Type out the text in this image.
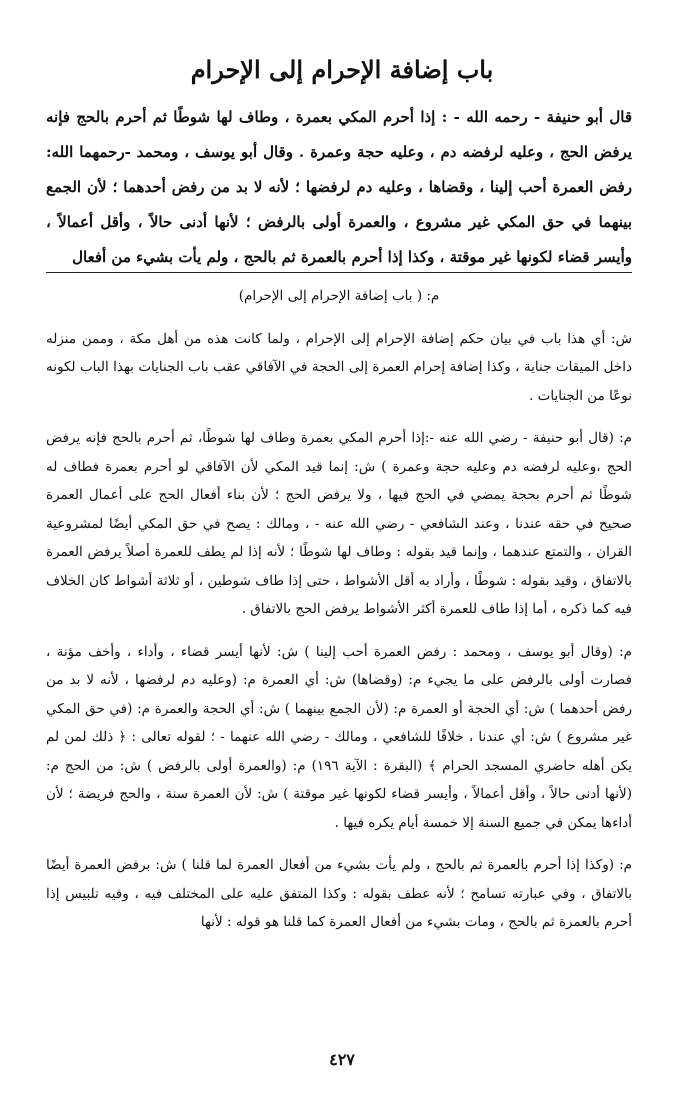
باب إضافة الإحرام إلى الإحرام
قال أبو حنيفة - رحمه الله - : إذا أحرم المكي بعمرة ، وطاف لها شوطًا ثم أحرم بالحج فإنه يرفض الحج ، وعليه لرفضه دم ، وعليه حجة وعمرة . وقال أبو يوسف ، ومحمد -رحمهما الله: رفض العمرة أحب إلينا ، وقضاها ، وعليه دم لرفضها ؛ لأنه لا بد من رفض أحدهما ؛ لأن الجمع بينهما في حق المكي غير مشروع ، والعمرة أولى بالرفض ؛ لأنها أدنى حالاً ، وأقل أعمالاً ، وأيسر قضاء لكونها غير موقتة ، وكذا إذا أحرم بالعمرة ثم بالحج ، ولم يأت بشيء من أفعال

م: ( باب إضافة الإحرام إلى الإحرام)

ش: أي هذا باب في بيان حكم إضافة الإحرام إلى الإحرام ، ولما كانت هذه من أهل مكة ، وممن منزله داخل الميقات جناية ، وكذا إضافة إحرام العمرة إلى الحجة في الآفاقي عقب باب الجنايات بهذا الباب لكونه نوعًا من الجنايات .

م: (قال أبو حنيفة - رضي الله عنه -:إذا أحرم المكي بعمرة وطاف لها شوطًا، ثم أحرم بالحج فإنه يرفض الحج ،وعليه لرفضه دم وعليه حجة وعمرة ) ش: إنما قيد المكي لأن الآفاقي لو أحرم بعمرة فطاف له شوطًا ثم أحرم بحجة يمضي في الحج فيها ، ولا يرفض الحج ؛ لأن بناء أفعال الحج على أعمال العمرة صحيح في حقه عندنا ، وعند الشافعي - رضي الله عنه - ، ومالك : يصح في حق المكي أيضًا لمشروعية القران ، والتمتع عندهما ، وإنما قيد بقوله : وطاف لها شوطًا ؛ لأنه إذا لم يطف للعمرة أصلاً يرفض العمرة بالاتفاق ، وقيد بقوله : شوطًا ، وأراد به أقل الأشواط ، حتى إذا طاف شوطين ، أو ثلاثة أشواط كان الخلاف فيه كما ذكره ، أما إذا طاف للعمرة أكثر الأشواط يرفض الحج بالاتفاق .

م: (وقال أبو يوسف ، ومحمد : رفض العمرة أحب إلينا ) ش: لأنها أيسر قضاء ، وأداء ، وأخف مؤنة ، فصارت أولى بالرفض على ما يجيء م: (وقضاها) ش: أي العمرة م: (وعليه دم لرفضها ، لأنه لا بد من رفض أحدهما ) ش: أي الحجة أو العمرة م: (لأن الجمع بينهما ) ش: أي الحجة والعمرة م: (في حق المكي غير مشروع ) ش: أي عندنا ، خلافًا للشافعي ، ومالك - رضي الله عنهما - ؛ لقوله تعالى : ﴿ ذلك لمن لم يكن أهله حاضري المسجد الحرام ﴾ (البقرة : الآية ١٩٦) م: (والعمرة أولى بالرفض ) ش: من الحج م: (لأنها أدنى حالاً ، وأقل أعمالاً ، وأيسر قضاء لكونها غير موقتة ) ش: لأن العمرة سنة ، والحج فريضة ؛ لأن أداءها يمكن في جميع السنة إلا خمسة أيام يكره فيها .

م: (وكذا إذا أحرم بالعمرة ثم بالحج ، ولم يأت بشيء من أفعال العمرة لما قلنا ) ش: برفض العمرة أيضًا بالاتفاق ، وفي عبارته تسامح ؛ لأنه عطف بقوله : وكذا المتفق عليه على المختلف فيه ، وفيه تلبيس إذا أحرم بالعمرة ثم بالحج ، ومات بشيء من أفعال العمرة كما قلنا هو قوله : لأنها

٤٢٧
